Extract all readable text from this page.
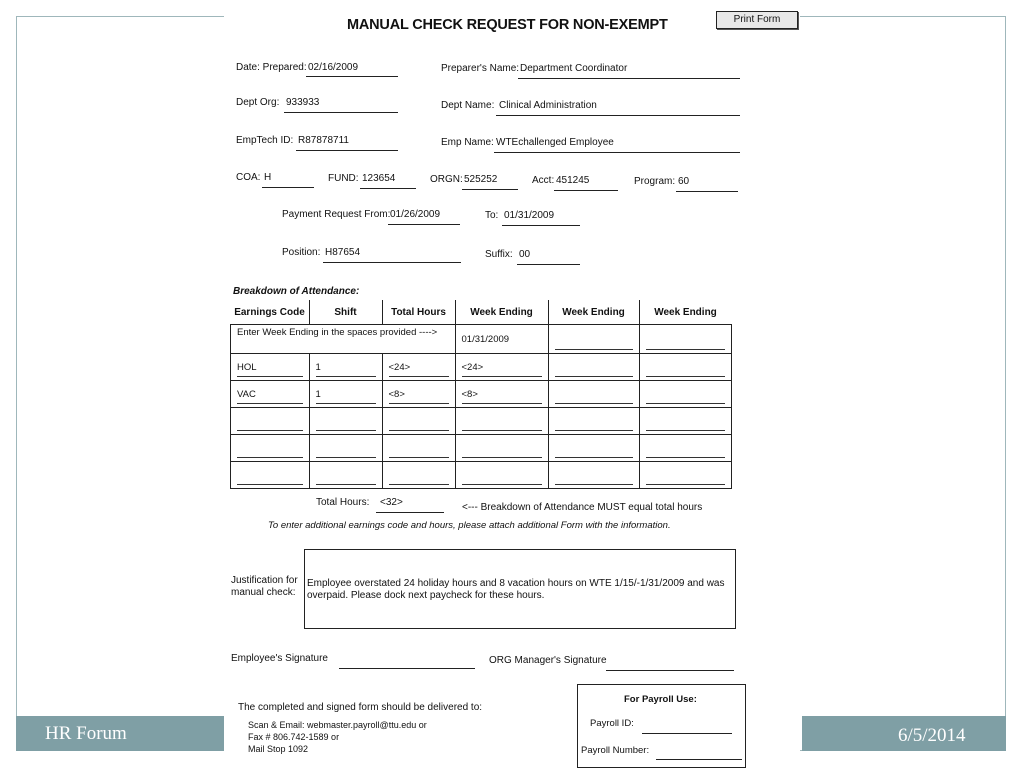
HR Forum	6/5/2014
MANUAL CHECK REQUEST FOR NON-EXEMPT	Print Form
Date: Prepared: 02/16/2009	Preparer's Name: Department Coordinator
Dept Org: 933933	Dept Name: Clinical Administration
EmpTech ID: R87878711	Emp Name: WTEchallenged Employee
COA: H	FUND: 123654	ORGN: 525252	Acct: 451245	Program: 60
Payment Request From: 01/26/2009	To: 01/31/2009
Position: H87654	Suffix: 00
Breakdown of Attendance:
Earnings Code	Shift	Total Hours	Week Ending	Week Ending	Week Ending
Enter Week Ending in the spaces provided ---->			01/31/2009	

HOL	1	<24>	<24>

VAC	1	<8>	<8>

Total Hours: <32>	<--- Breakdown of Attendance MUST equal total hours
To enter additional earnings code and hours, please attach additional Form with the information.
Justification for
manual check:
Employee overstated 24 holiday hours and 8 vacation hours on WTE 1/15/-1/31/2009 and was
overpaid. Please dock next paycheck for these hours.
Employee's Signature	ORG Manager's Signature
The completed and signed form should be delivered to:
Scan & Email: webmaster.payroll@ttu.edu or
Fax # 806.742-1589 or
Mail Stop 1092
For Payroll Use:
Payroll ID:
Payroll Number:
